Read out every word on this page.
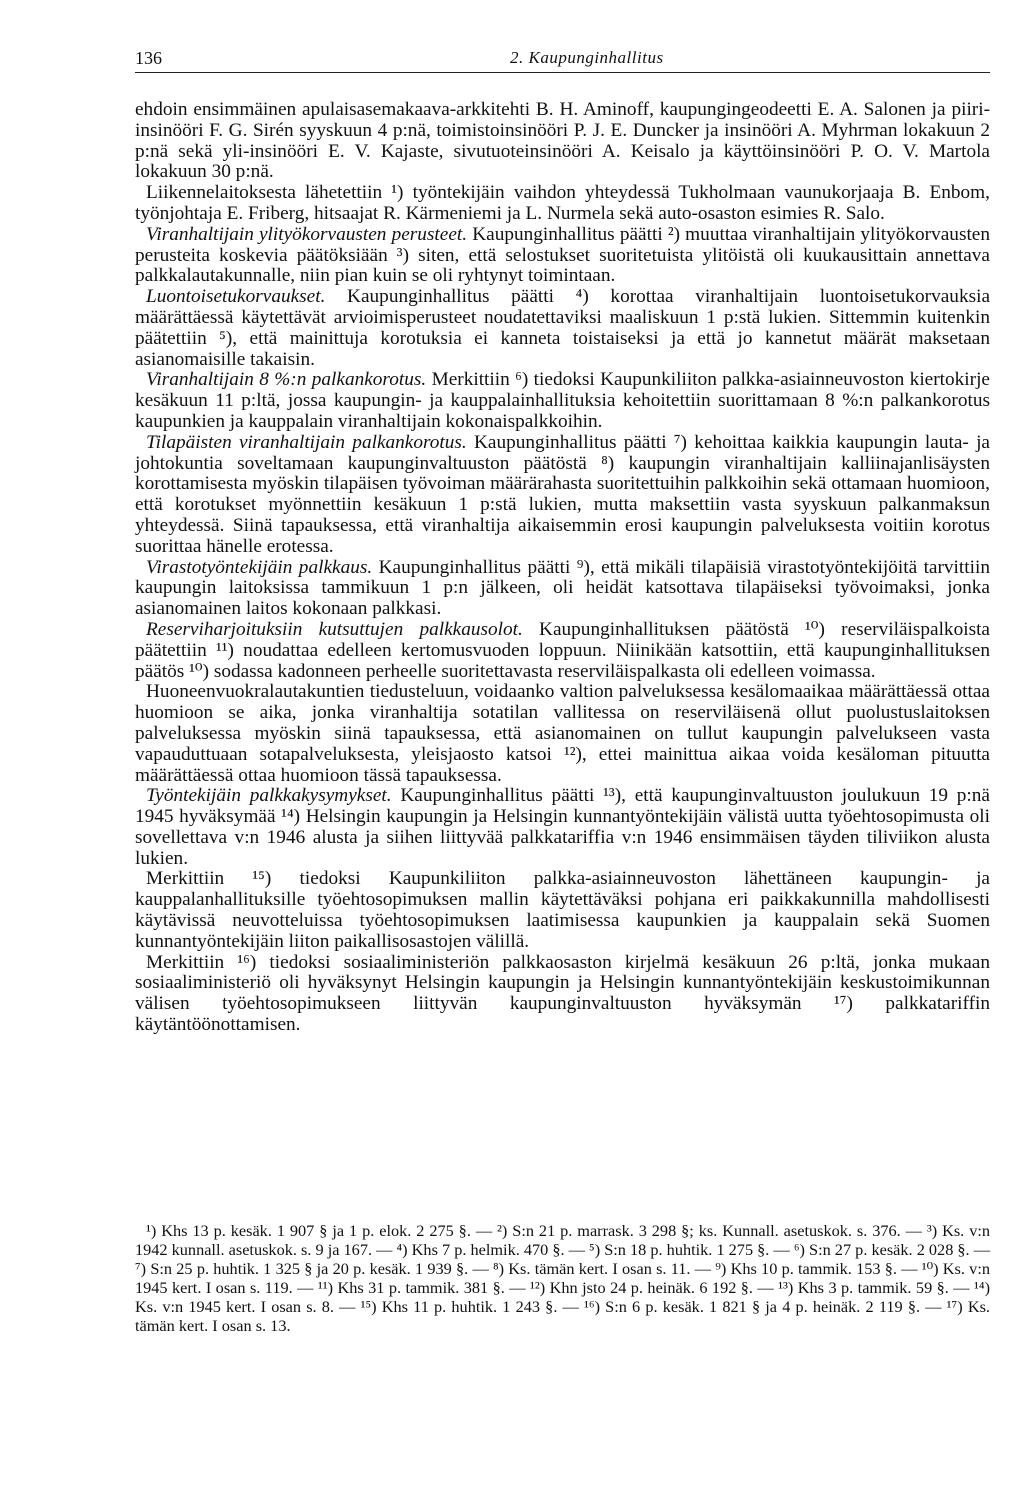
136	2. Kaupunginhallitus

ehdoin ensimmäinen apulaisasemakaava-arkkitehti B. H. Aminoff, kaupungingeodeetti E. A. Salonen ja piiri-insinööri F. G. Sirén syyskuun 4 p:nä, toimistoinsinööri P. J. E. Duncker ja insinööri A. Myhrman lokakuun 2 p:nä sekä yli-insinööri E. V. Kajaste, sivutuoteinsinööri A. Keisalo ja käyttöinsinööri P. O. V. Martola lokakuun 30 p:nä.

Liikennelaitoksesta lähetettiin ¹) työntekijäin vaihdon yhteydessä Tukholmaan vaunukorjaaja B. Enbom, työnjohtaja E. Friberg, hitsaajat R. Kärmeniemi ja L. Nurmela sekä auto-osaston esimies R. Salo.

Viranhaltijain ylityökorvausten perusteet. Kaupunginhallitus päätti ²) muuttaa viranhaltijain ylityökorvausten perusteita koskevia päätöksiään ³) siten, että selostukset suoritetuista ylitöistä oli kuukausittain annettava palkkalautakunnalle, niin pian kuin se oli ryhtynyt toimintaan.

Luontoisetukorvaukset. Kaupunginhallitus päätti ⁴) korottaa viranhaltijain luontoisetukorvauksia määrättäessä käytettävät arvioimisperusteet noudatettaviksi maaliskuun 1 p:stä lukien. Sittemmin kuitenkin päätettiin ⁵), että mainittuja korotuksia ei kanneta toistaiseksi ja että jo kannetut määrät maksetaan asianomaisille takaisin.

Viranhaltijain 8 %:n palkankorotus. Merkittiin ⁶) tiedoksi Kaupunkiliiton palkka-asiainneuvoston kiertokirje kesäkuun 11 p:ltä, jossa kaupungin- ja kauppalainhallituksia kehoitettiin suorittamaan 8 %:n palkankorotus kaupunkien ja kauppalain viranhaltijain kokonaispalkkoihin.

Tilapäisten viranhaltijain palkankorotus. Kaupunginhallitus päätti ⁷) kehoittaa kaikkia kaupungin lauta- ja johtokuntia soveltamaan kaupunginvaltuuston päätöstä ⁸) kaupungin viranhaltijain kalliinajanlisäysten korottamisesta myöskin tilapäisen työvoiman määrärahasta suoritettuihin palkkoihin sekä ottamaan huomioon, että korotukset myönnettiin kesäkuun 1 p:stä lukien, mutta maksettiin vasta syyskuun palkanmaksun yhteydessä. Siinä tapauksessa, että viranhaltija aikaisemmin erosi kaupungin palveluksesta voitiin korotus suorittaa hänelle erotessa.

Virastotyöntekijäin palkkaus. Kaupunginhallitus päätti ⁹), että mikäli tilapäisiä virastotyöntekijöitä tarvittiin kaupungin laitoksissa tammikuun 1 p:n jälkeen, oli heidät katsottava tilapäiseksi työvoimaksi, jonka asianomainen laitos kokonaan palkkasi.

Reserviharjoituksiin kutsuttujen palkkausolot. Kaupunginhallituksen päätöstä ¹⁰) reserviläispalkoista päätettiin ¹¹) noudattaa edelleen kertomusvuoden loppuun. Niinikään katsottiin, että kaupunginhallituksen päätös ¹⁰) sodassa kadonneen perheelle suoritettavasta reserviläispalkasta oli edelleen voimassa.

Huoneenvuokralautakuntien tiedusteluun, voidaanko valtion palveluksessa kesälomaaikaa määrättäessä ottaa huomioon se aika, jonka viranhaltija sotatilan vallitessa on reserviläisenä ollut puolustuslaitoksen palveluksessa myöskin siinä tapauksessa, että asianomainen on tullut kaupungin palvelukseen vasta vapauduttuaan sotapalveluksesta, yleisjaosto katsoi ¹²), ettei mainittua aikaa voida kesäloman pituutta määrättäessä ottaa huomioon tässä tapauksessa.

Työntekijäin palkkakysymykset. Kaupunginhallitus päätti ¹³), että kaupunginvaltuuston joulukuun 19 p:nä 1945 hyväksymää ¹⁴) Helsingin kaupungin ja Helsingin kunnantyöntekijäin välistä uutta työehtosopimusta oli sovellettava v:n 1946 alusta ja siihen liittyvää palkkatariffia v:n 1946 ensimmäisen täyden tiliviikon alusta lukien.

Merkittiin ¹⁵) tiedoksi Kaupunkiliiton palkka-asiainneuvoston lähettäneen kaupungin- ja kauppalanhallituksille työehtosopimuksen mallin käytettäväksi pohjana eri paikkakunnilla mahdollisesti käytävissä neuvotteluissa työehtosopimuksen laatimisessa kaupunkien ja kauppalain sekä Suomen kunnantyöntekijäin liiton paikallisosastojen välillä.

Merkittiin ¹⁶) tiedoksi sosiaaliministeriön palkkaosaston kirjelmä kesäkuun 26 p:ltä, jonka mukaan sosiaaliministeriö oli hyväksynyt Helsingin kaupungin ja Helsingin kunnantyöntekijäin keskustoimikunnan välisen työehtosopimukseen liittyvän kaupunginvaltuuston hyväksymän ¹⁷) palkkatariffin käytäntöönottamisen.

¹) Khs 13 p. kesäk. 1 907 § ja 1 p. elok. 2 275 §. — ²) S:n 21 p. marrask. 3 298 §; ks. Kunnall. asetuskok. s. 376. — ³) Ks. v:n 1942 kunnall. asetuskok. s. 9 ja 167. — ⁴) Khs 7 p. helmik. 470 §. — ⁵) S:n 18 p. huhtik. 1 275 §. — ⁶) S:n 27 p. kesäk. 2 028 §. — ⁷) S:n 25 p. huhtik. 1 325 § ja 20 p. kesäk. 1 939 §. — ⁸) Ks. tämän kert. I osan s. 11. — ⁹) Khs 10 p. tammik. 153 §. — ¹⁰) Ks. v:n 1945 kert. I osan s. 119. — ¹¹) Khs 31 p. tammik. 381 §. — ¹²) Khn jsto 24 p. heinäk. 6 192 §. — ¹³) Khs 3 p. tammik. 59 §. — ¹⁴) Ks. v:n 1945 kert. I osan s. 8. — ¹⁵) Khs 11 p. huhtik. 1 243 §. — ¹⁶) S:n 6 p. kesäk. 1 821 § ja 4 p. heinäk. 2 119 §. — ¹⁷) Ks. tämän kert. I osan s. 13.
